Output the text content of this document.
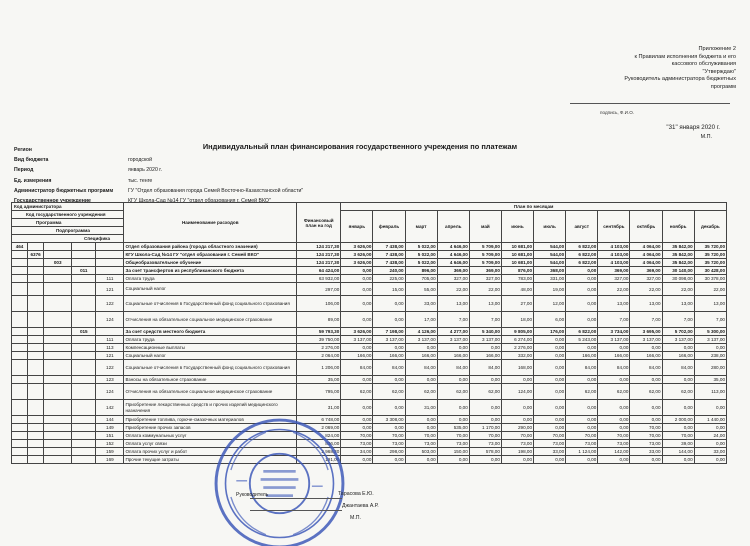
Приложение 2
к Правилам исполнения бюджета и его
кассового обслуживания
"Утверждаю"
Руководитель администратора бюджетных
программ
подпись, Ф.И.О.
"31" января 2020 г.
М.П.
Индивидуальный план финансирования государственного учреждения по платежам
Регион
Вид бюджета	городской
Период	январь 2020 г.
Ед. измерения	тыс. тенге
Администратор бюджетных программ	ГУ "Отдел образования города Семей Восточно-Казахстанской области"
Государственное учреждение	КГУ Школа-Сад №14 ГУ "отдел образования г. Семей ВКО"
Код администратора					Наименование расходов	Финансовый план на год	План по месяцам											
Код государственного учреждения							январь	февраль	март	апрель	май	июнь	июль	август	сентябрь	октябрь	ноябрь	декабрь
Программа																		
Подпрограмма																		
Специфика																		
464					Отдел образования района (города областного значения)	124 217,30	3 626,00	7 438,00	5 022,00	4 646,00	5 709,00	10 681,00	544,00	6 822,00	4 103,00	4 064,00	35 842,00	35 720,00
	6376				КГУ Школа-Сад №14 ГУ "отдел образования г. Семей ВКО"	124 217,30	3 626,00	7 438,00	5 022,00	4 646,00	5 709,00	10 681,00	544,00	6 822,00	4 103,00	4 064,00	35 842,00	35 720,00
		003			Общеобразовательное обучение	124 217,30	3 626,00	7 438,00	5 022,00	4 646,00	5 709,00	10 681,00	544,00	6 822,00	4 103,00	4 064,00	35 842,00	35 720,00
			011		За счет трансфертов из республиканского бюджета	64 424,00	0,00	240,00	896,00	369,00	369,00	876,00	368,00	0,00	369,00	369,00	30 140,00	30 428,00
				111	Оплата труда	63 932,00	0,00	225,00	705,00	327,00	327,00	783,00	331,00	0,00	327,00	327,00	30 098,00	30 378,00
				121	Социальный налог	297,00	0,00	15,00	55,00	22,00	22,00	48,00	19,00	0,00	22,00	22,00	22,00	22,00
				122	Социальные отчисления в Государственный фонд социального страхования	106,00	0,00	0,00	33,00	13,00	13,00	27,00	12,00	0,00	13,00	13,00	13,00	13,00
				124	Отчисления на обязательное социальное медицинское страхование	89,00	0,00	0,00	17,00	7,00	7,00	18,00	6,00	0,00	7,00	7,00	7,00	7,00
			015		За счет средств местного бюджета	59 793,30	3 626,00	7 198,00	4 126,00	4 277,00	5 340,00	9 805,00	176,00	6 822,00	3 734,00	3 695,00	5 702,00	5 300,00
				111	Оплата труда	39 750,00	3 137,00	3 137,00	3 137,00	3 137,00	3 137,00	6 274,00	0,00	5 243,00	3 137,00	3 137,00	3 137,00	3 137,00
				113	Компенсационные выплаты	2 276,00	0,00	0,00	0,00	0,00	0,00	2 276,00	0,00	0,00	0,00	0,00	0,00	0,00
				121	Социальный налог	2 064,00	166,00	166,00	166,00	166,00	166,00	332,00	0,00	166,00	166,00	166,00	166,00	238,00
				122	Социальные отчисления в Государственный фонд социального страхования	1 206,00	84,00	84,00	84,00	84,00	84,00	168,00	0,00	84,00	84,00	84,00	84,00	280,00
				123	Взносы на обязательное страхование	35,00	0,00	0,00	0,00	0,00	0,00	0,00	0,00	0,00	0,00	0,00	0,00	35,00
				124	Отчисления на обязательное социальное медицинское страхование	795,00	62,00	62,00	62,00	62,00	62,00	124,00	0,00	62,00	62,00	62,00	62,00	113,00
				142	Приобретение лекарственных средств и прочих изделий медицинского назначения	31,00	0,00	0,00	31,00	0,00	0,00	0,00	0,00	0,00	0,00	0,00	0,00	0,00
				144	Приобретение топлива, горюче-смазочных материалов	6 748,00	0,00	3 308,00	0,00	0,00	0,00	0,00	0,00	0,00	0,00	0,00	2 000,00	1 440,00
				149	Приобретение прочих запасов	2 069,00	0,00	0,00	0,00	535,00	1 170,00	290,00	0,00	0,00	0,00	70,00	0,00	0,00
				151	Оплата коммунальных услуг	824,00	70,00	70,00	70,00	70,00	70,00	70,00	70,00	70,00	70,00	70,00	70,00	24,00
				152	Оплата услуг связи	836,00	73,00	73,00	73,00	73,00	73,00	73,00	73,00	73,00	73,00	73,00	39,00	0,00
				159	Оплата прочих услуг и работ	2 968,30	34,00	298,00	503,00	150,00	578,00	198,00	33,00	1 124,00	142,00	33,00	144,00	33,00
				169	Прочие текущие затраты	191,00	0,00	0,00	0,00	0,00	0,00	0,00	0,00	0,00	0,00	0,00	0,00	0,00
Руководитель	Тарасова Е.Ю.
Джантаева А.Р.
М.П.
